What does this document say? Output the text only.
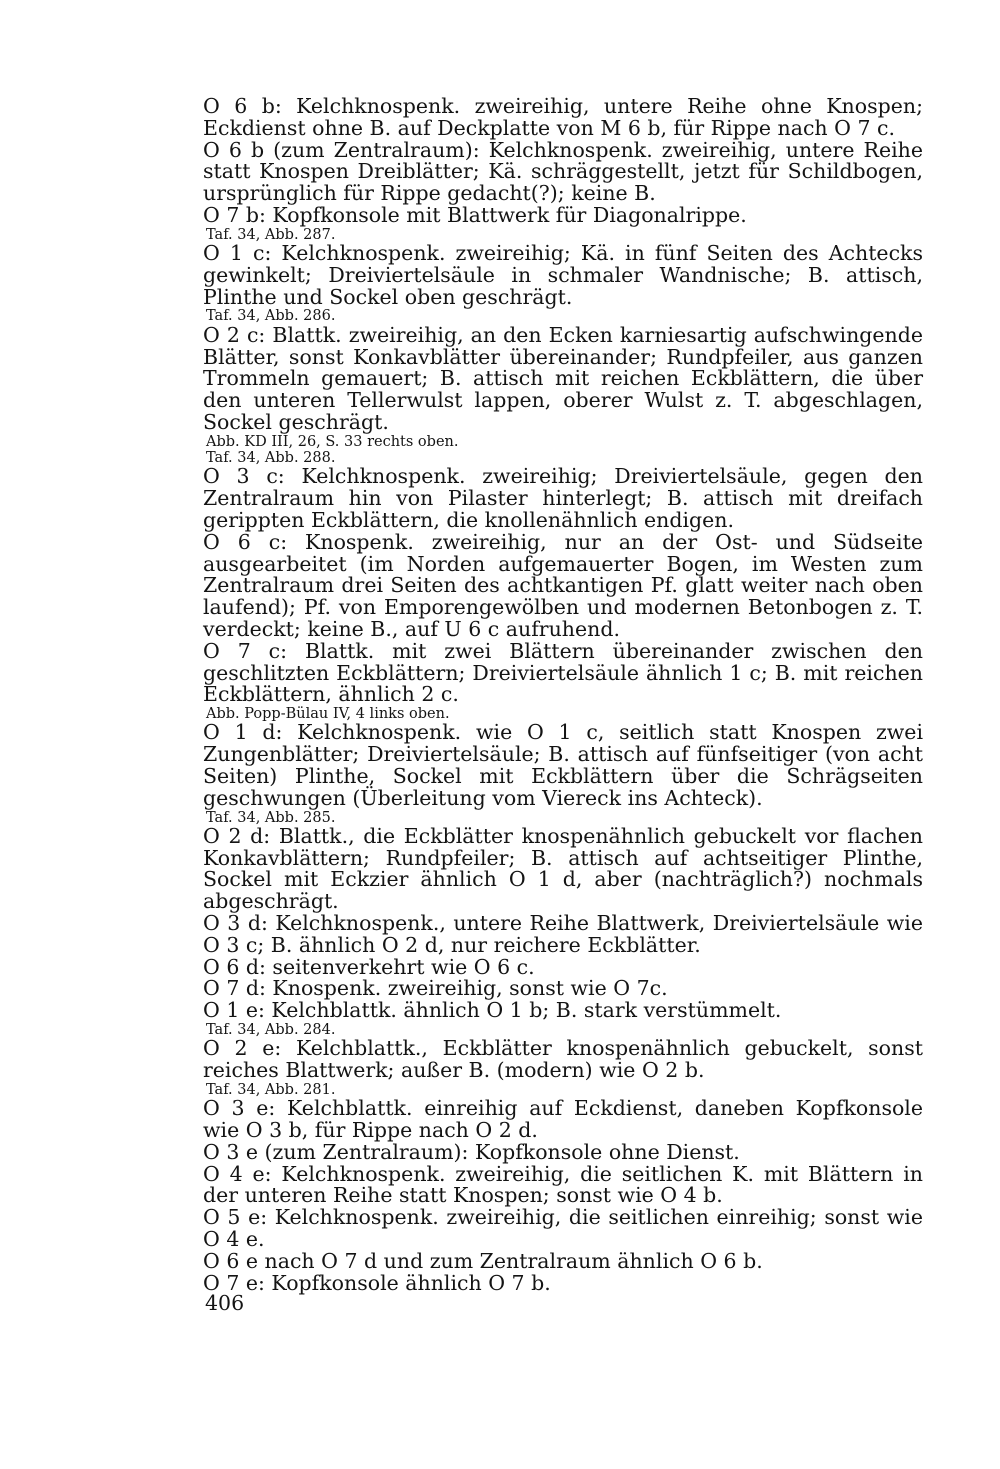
O 6 b: Kelchknospenk. zweireihig, untere Reihe ohne Knospen; Eckdienst ohne B. auf Deckplatte von M 6 b, für Rippe nach O 7 c.

O 6 b (zum Zentralraum): Kelchknospenk. zweireihig, untere Reihe statt Knospen Dreiblätter; Kä. schräggestellt, jetzt für Schildbogen, ursprünglich für Rippe gedacht(?); keine B.

O 7 b: Kopfkonsole mit Blattwerk für Diagonalrippe.

Taf. 34, Abb. 287.

O 1 c: Kelchknospenk. zweireihig; Kä. in fünf Seiten des Achtecks gewinkelt; Dreiviertelsäule in schmaler Wandnische; B. attisch, Plinthe und Sockel oben geschrägt.

Taf. 34, Abb. 286.

O 2 c: Blattk. zweireihig, an den Ecken karniesartig aufschwingende Blätter, sonst Konkavblätter übereinander; Rundpfeiler, aus ganzen Trommeln gemauert; B. attisch mit reichen Eckblättern, die über den unteren Tellerwulst lappen, oberer Wulst z. T. abgeschlagen, Sockel geschrägt.

Abb. KD III, 26, S. 33 rechts oben.

Taf. 34, Abb. 288.

O 3 c: Kelchknospenk. zweireihig; Dreiviertelsäule, gegen den Zentralraum hin von Pilaster hinterlegt; B. attisch mit dreifach gerippten Eckblättern, die knollenähnlich endigen.

O 6 c: Knospenk. zweireihig, nur an der Ost- und Südseite ausgearbeitet (im Norden aufgemauerter Bogen, im Westen zum Zentralraum drei Seiten des achtkantigen Pf. glatt weiter nach oben laufend); Pf. von Emporengewölben und modernen Betonbogen z. T. verdeckt; keine B., auf U 6 c aufruhend.

O 7 c: Blattk. mit zwei Blättern übereinander zwischen den geschlitzten Eckblättern; Dreiviertelsäule ähnlich 1 c; B. mit reichen Eckblättern, ähnlich 2 c.

Abb. Popp-Bülau IV, 4 links oben.

O 1 d: Kelchknospenk. wie O 1 c, seitlich statt Knospen zwei Zungenblätter; Dreiviertelsäule; B. attisch auf fünfseitiger (von acht Seiten) Plinthe, Sockel mit Eckblättern über die Schrägseiten geschwungen (Überleitung vom Viereck ins Achteck).

Taf. 34, Abb. 285.

O 2 d: Blattk., die Eckblätter knospenähnlich gebuckelt vor flachen Konkavblättern; Rundpfeiler; B. attisch auf achtseitiger Plinthe, Sockel mit Eckzier ähnlich O 1 d, aber (nachträglich?) nochmals abgeschrägt.

O 3 d: Kelchknospenk., untere Reihe Blattwerk, Dreiviertelsäule wie O 3 c; B. ähnlich O 2 d, nur reichere Eckblätter.

O 6 d: seitenverkehrt wie O 6 c.

O 7 d: Knospenk. zweireihig, sonst wie O 7c.

O 1 e: Kelchblattk. ähnlich O 1 b; B. stark verstümmelt.

Taf. 34, Abb. 284.

O 2 e: Kelchblattk., Eckblätter knospenähnlich gebuckelt, sonst reiches Blattwerk; außer B. (modern) wie O 2 b.

Taf. 34, Abb. 281.

O 3 e: Kelchblattk. einreihig auf Eckdienst, daneben Kopfkonsole wie O 3 b, für Rippe nach O 2 d.

O 3 e (zum Zentralraum): Kopfkonsole ohne Dienst.

O 4 e: Kelchknospenk. zweireihig, die seitlichen K. mit Blättern in der unteren Reihe statt Knospen; sonst wie O 4 b.

O 5 e: Kelchknospenk. zweireihig, die seitlichen einreihig; sonst wie O 4 e.

O 6 e nach O 7 d und zum Zentralraum ähnlich O 6 b.

O 7 e: Kopfkonsole ähnlich O 7 b.

406
